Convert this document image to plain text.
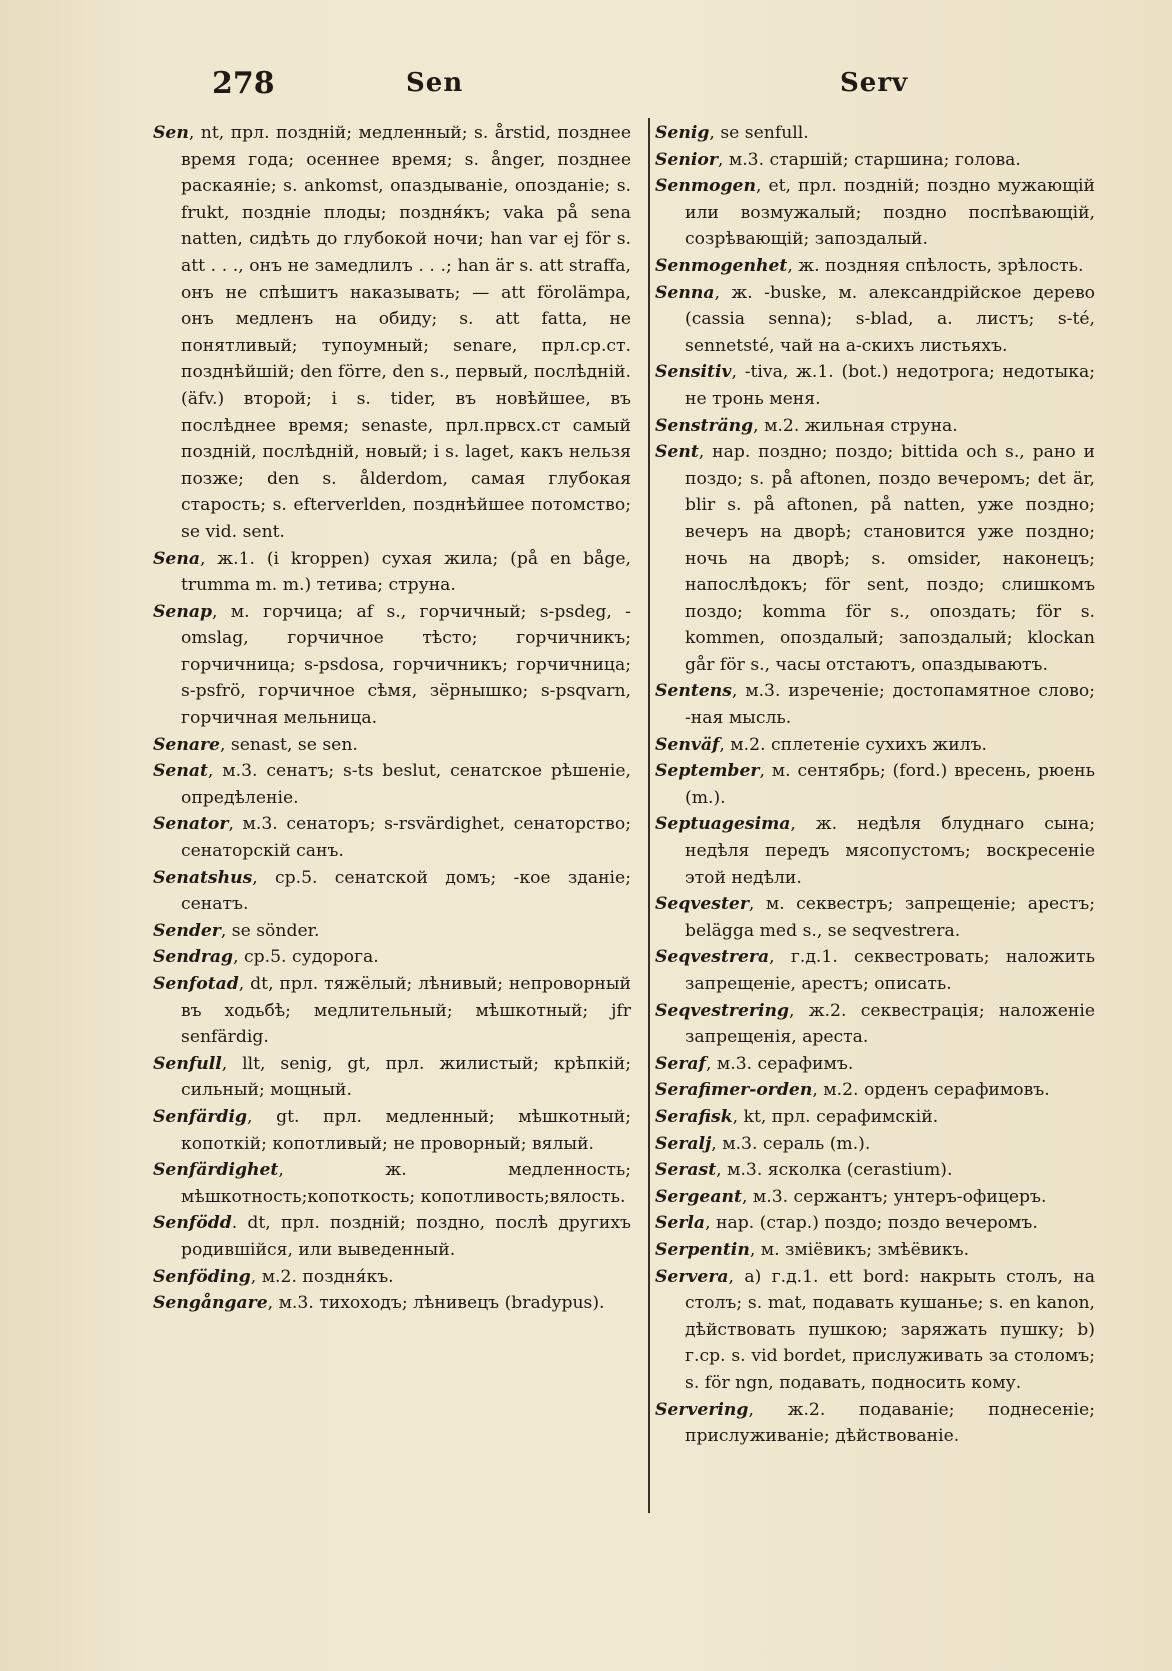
278	Sen	Serv

Sen, nt, прл. поздній; медленный; s. årstid, позднее время года; осеннее время; s. ånger, позднее раскаяніе; s. ankomst, опаздываніе, опозданіе; s. frukt, поздніе плоды; поздня́къ; vaka på sena natten, сидѣть до глубокой ночи; han var ej för s. att . . ., онъ не замедлилъ . . .; han är s. att straffa, онъ не спѣшитъ наказывать; — att förolämpa, онъ медленъ на обиду; s. att fatta, не понятливый; тупоумный; senare, прл.ср.ст. позднѣйшій; den förre, den s., первый, послѣдній. (äfv.) второй; i s. tider, въ новѣйшее, въ послѣднее время; senaste, прл.првсх.ст самый поздній, послѣдній, новый; i s. laget, какъ нельзя позже; den s. ålderdom, самая глубокая старость; s. efterverlden, позднѣйшее потомство; se vid. sent.

Sena, ж.1. (i kroppen) сухая жила; (på en båge, trumma m. m.) тетива; струна.

Senap, м. горчица; af s., горчичный; s-psdeg, -omslag, горчичное тѣсто; горчичникъ; горчичница; s-psdosa, горчичникъ; горчичница; s-psfrö, горчичное сѣмя, зёрнышко; s-psqvarn, горчичная мельница.

Senare, senast, se sen.

Senat, м.3. сенатъ; s-ts beslut, сенатское рѣшеніе, опредѣленіе.

Senator, м.3. сенаторъ; s-rsvärdighet, сенаторство; сенаторскій санъ.

Senatshus, ср.5. сенатской домъ; -кое зданіе; сенатъ.

Sender, se sönder.

Sendrag, ср.5. судорога.

Senfotad, dt, прл. тяжёлый; лѣнивый; непроворный въ ходьбѣ; медлительный; мѣшкотный; jfr senfärdig.

Senfull, llt, senig, gt, прл. жилистый; крѣпкій; сильный; мощный.

Senfärdig, gt. прл. медленный; мѣшкотный; копоткій; копотливый; не проворный; вялый.

Senfärdighet, ж. медленность; мѣшкотность;копоткость; копотливость;вялость.

Senfödd. dt, прл. поздній; поздно, послѣ другихъ родившійся, или выведенный.

Senföding, м.2. поздня́къ.

Sengångare, м.3. тихоходъ; лѣнивецъ (bradypus).

Senig, se senfull.

Senior, м.3. старшій; старшина; голова.

Senmogen, et, прл. поздній; поздно мужающій или возмужалый; поздно поспѣвающій, созрѣвающій; запоздалый.

Senmogenhet, ж. поздняя спѣлость, зрѣлость.

Senna, ж. -buske, м. александрійское дерево (cassia senna); s-blad, а. листъ; s-té, sennetsté, чай на а-скихъ листьяхъ.

Sensitiv, -tiva, ж.1. (bot.) недотрога; недотыка; не тронь меня.

Sensträng, м.2. жильная струна.

Sent, нар. поздно; поздо; bittida och s., рано и поздо; s. på aftonen, поздо вечеромъ; det är, blir s. på aftonen, på natten, уже поздно; вечеръ на дворѣ; становится уже поздно; ночь на дворѣ; s. omsider, наконецъ; напослѣдокъ; för sent, поздо; слишкомъ поздо; komma för s., опоздать; för s. kommen, опоздалый; запоздалый; klockan går för s., часы отстаютъ, опаздываютъ.

Sentens, м.3. изреченіе; достопамятное слово; -ная мысль.

Senväf, м.2. сплетеніе сухихъ жилъ.

September, м. сентябрь; (ford.) вресень, рюень (m.).

Septuagesima, ж. недѣля блуднаго сына; недѣля передъ мясопустомъ; воскресеніе этой недѣли.

Seqvester, м. секвестръ; запрещеніе; арестъ; belägga med s., se seqvestrera.

Seqvestrera, г.д.1. секвестровать; наложить запрещеніе, арестъ; описать.

Seqvestrering, ж.2. секвестрація; наложеніе запрещенія, ареста.

Seraf, м.3. серафимъ.

Serafimer-orden, м.2. орденъ серафимовъ.

Serafisk, kt, прл. серафимскій.

Seralj, м.3. сераль (m.).

Serast, м.3. ясколка (cerastium).

Sergeant, м.3. сержантъ; унтеръ-офицеръ.

Serla, нар. (стар.) поздо; поздо вечеромъ.

Serpentin, м. змiёвикъ; змѣёвикъ.

Servera, а) г.д.1. ett bord: накрыть столъ, на столъ; s. mat, подавать кушанье; s. en kanon, дѣйствовать пушкою; заряжать пушку; b) г.ср. s. vid bordet, прислуживать за столомъ; s. för ngn, подавать, подносить кому.

Servering, ж.2. подаваніе; поднесеніе; прислуживаніе; дѣйствованіе.
